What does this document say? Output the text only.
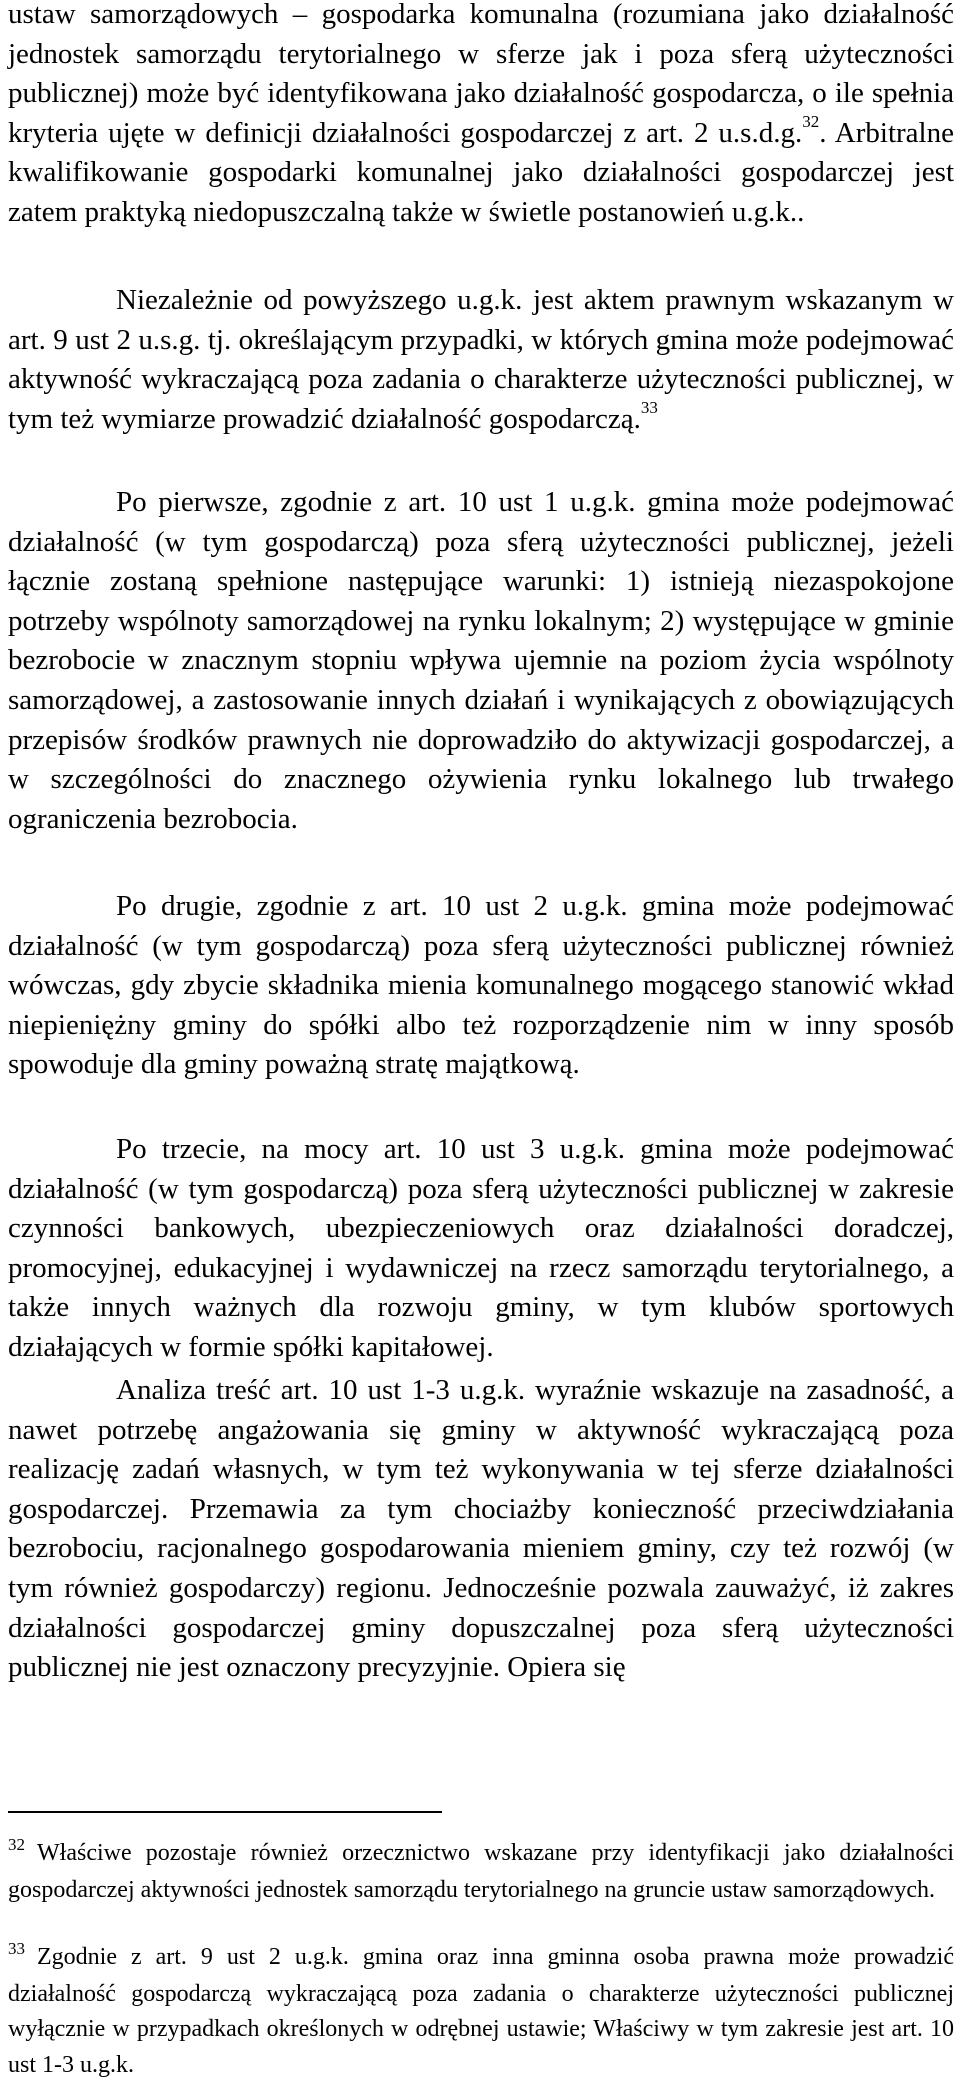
ustaw samorządowych – gospodarka komunalna (rozumiana jako działalność jednostek samorządu terytorialnego w sferze jak i poza sferą użyteczności publicznej) może być identyfikowana jako działalność gospodarcza, o ile spełnia kryteria ujęte w definicji działalności gospodarczej z art. 2 u.s.d.g.$^{32}$. Arbitralne kwalifikowanie gospodarki komunalnej jako działalności gospodarczej jest zatem praktyką niedopuszczalną także w świetle postanowień u.g.k..

Niezależnie od powyższego u.g.k. jest aktem prawnym wskazanym w art. 9 ust 2 u.s.g. tj. określającym przypadki, w których gmina może podejmować aktywność wykraczającą poza zadania o charakterze użyteczności publicznej, w tym też wymiarze prowadzić działalność gospodarczą.$^{33}$

Po pierwsze, zgodnie z art. 10 ust 1 u.g.k. gmina może podejmować działalność (w tym gospodarczą) poza sferą użyteczności publicznej, jeżeli łącznie zostaną spełnione następujące warunki: 1) istnieją niezaspokojone potrzeby wspólnoty samorządowej na rynku lokalnym; 2) występujące w gminie bezrobocie w znacznym stopniu wpływa ujemnie na poziom życia wspólnoty samorządowej, a zastosowanie innych działań i wynikających z obowiązujących przepisów środków prawnych nie doprowadziło do aktywizacji gospodarczej, a w szczególności do znacznego ożywienia rynku lokalnego lub trwałego ograniczenia bezrobocia.

Po drugie, zgodnie z art. 10 ust 2 u.g.k. gmina może podejmować działalność (w tym gospodarczą) poza sferą użyteczności publicznej również wówczas, gdy zbycie składnika mienia komunalnego mogącego stanowić wkład niepieniężny gminy do spółki albo też rozporządzenie nim w inny sposób spowoduje dla gminy poważną stratę majątkową.

Po trzecie, na mocy art. 10 ust 3 u.g.k. gmina może podejmować działalność (w tym gospodarczą) poza sferą użyteczności publicznej w zakresie czynności bankowych, ubezpieczeniowych oraz działalności doradczej, promocyjnej, edukacyjnej i wydawniczej na rzecz samorządu terytorialnego, a także innych ważnych dla rozwoju gminy, w tym klubów sportowych działających w formie spółki kapitałowej.

Analiza treść art. 10 ust 1-3 u.g.k. wyraźnie wskazuje na zasadność, a nawet potrzebę angażowania się gminy w aktywność wykraczającą poza realizację zadań własnych, w tym też wykonywania w tej sferze działalności gospodarczej. Przemawia za tym chociażby konieczność przeciwdziałania bezrobociu, racjonalnego gospodarowania mieniem gminy, czy też rozwój (w tym również gospodarczy) regionu. Jednocześnie pozwala zauważyć, iż zakres działalności gospodarczej gminy dopuszczalnej poza sferą użyteczności publicznej nie jest oznaczony precyzyjnie. Opiera się

$^{32}$ Właściwe pozostaje również orzecznictwo wskazane przy identyfikacji jako działalności gospodarczej aktywności jednostek samorządu terytorialnego na gruncie ustaw samorządowych.

$^{33}$ Zgodnie z art. 9 ust 2 u.g.k. gmina oraz inna gminna osoba prawna może prowadzić działalność gospodarczą wykraczającą poza zadania o charakterze użyteczności publicznej wyłącznie w przypadkach określonych w odrębnej ustawie; Właściwy w tym zakresie jest art. 10 ust 1-3 u.g.k.
